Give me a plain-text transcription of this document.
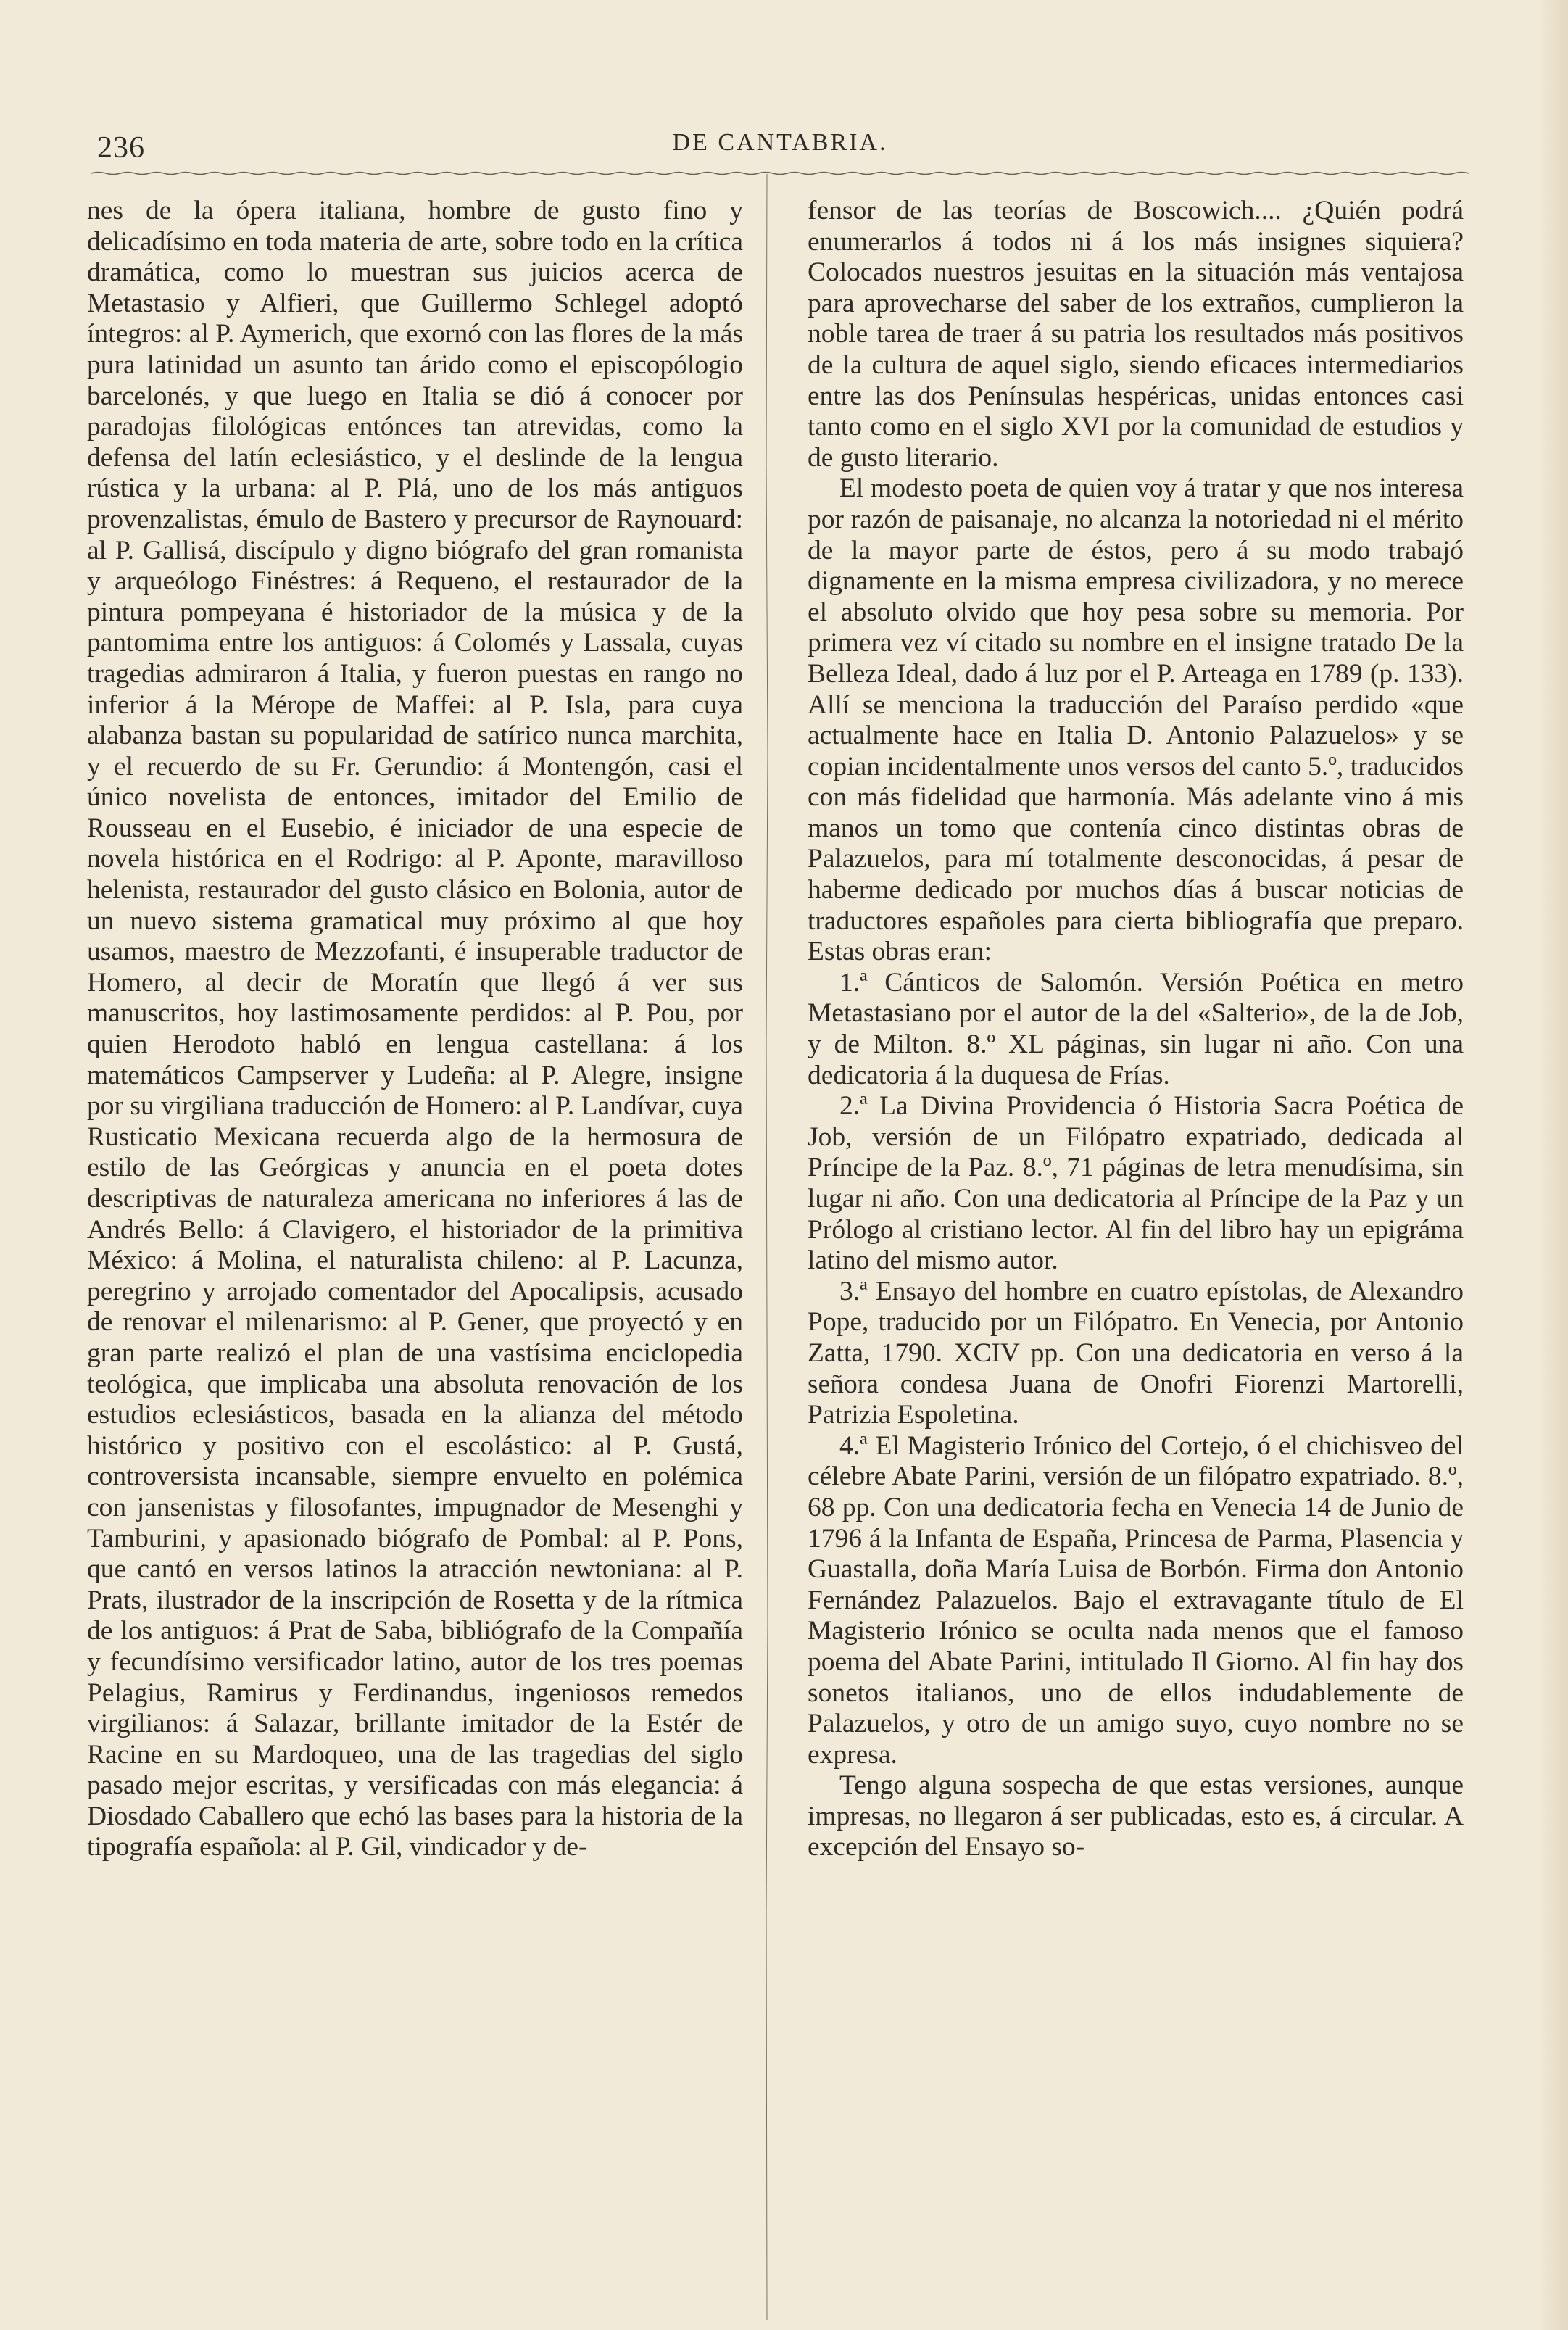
236	DE CANTABRIA.

nes de la ópera italiana, hombre de gusto fino y delicadísimo en toda materia de arte, sobre todo en la crítica dramática, como lo muestran sus juicios acerca de Metastasio y Alfieri, que Guillermo Schlegel adoptó íntegros: al P. Aymerich, que exornó con las flores de la más pura latinidad un asunto tan árido como el episcopólogio barcelonés, y que luego en Italia se dió á conocer por paradojas filológicas entónces tan atrevidas, como la defensa del latín eclesiástico, y el deslinde de la lengua rústica y la urbana: al P. Plá, uno de los más antiguos provenzalistas, émulo de Bastero y precursor de Raynouard: al P. Gallisá, discípulo y digno biógrafo del gran romanista y arqueólogo Finéstres: á Requeno, el restaurador de la pintura pompeyana é historiador de la música y de la pantomima entre los antiguos: á Colomés y Lassala, cuyas tragedias admiraron á Italia, y fueron puestas en rango no inferior á la Mérope de Maffei: al P. Isla, para cuya alabanza bastan su popularidad de satírico nunca marchita, y el recuerdo de su Fr. Gerundio: á Montengón, casi el único novelista de entonces, imitador del Emilio de Rousseau en el Eusebio, é iniciador de una especie de novela histórica en el Rodrigo: al P. Aponte, maravilloso helenista, restaurador del gusto clásico en Bolonia, autor de un nuevo sistema gramatical muy próximo al que hoy usamos, maestro de Mezzofanti, é insuperable traductor de Homero, al decir de Moratín que llegó á ver sus manuscritos, hoy lastimosamente perdidos: al P. Pou, por quien Herodoto habló en lengua castellana: á los matemáticos Campserver y Ludeña: al P. Alegre, insigne por su virgiliana traducción de Homero: al P. Landívar, cuya Rusticatio Mexicana recuerda algo de la hermosura de estilo de las Geórgicas y anuncia en el poeta dotes descriptivas de naturaleza americana no inferiores á las de Andrés Bello: á Clavigero, el historiador de la primitiva México: á Molina, el naturalista chileno: al P. Lacunza, peregrino y arrojado comentador del Apocalipsis, acusado de renovar el milenarismo: al P. Gener, que proyectó y en gran parte realizó el plan de una vastísima enciclopedia teológica, que implicaba una absoluta renovación de los estudios eclesiásticos, basada en la alianza del método histórico y positivo con el escolástico: al P. Gustá, controversista incansable, siempre envuelto en polémica con jansenistas y filosofantes, impugnador de Mesenghi y Tamburini, y apasionado biógrafo de Pombal: al P. Pons, que cantó en versos latinos la atracción newtoniana: al P. Prats, ilustrador de la inscripción de Rosetta y de la rítmica de los antiguos: á Prat de Saba, bibliógrafo de la Compañía y fecundísimo versificador latino, autor de los tres poemas Pelagius, Ramirus y Ferdinandus, ingeniosos remedos virgilianos: á Salazar, brillante imitador de la Estér de Racine en su Mardoqueo, una de las tragedias del siglo pasado mejor escritas, y versificadas con más elegancia: á Diosdado Caballero que echó las bases para la historia de la tipografía española: al P. Gil, vindicador y de-

fensor de las teorías de Boscowich.... ¿Quién podrá enumerarlos á todos ni á los más insignes siquiera? Colocados nuestros jesuitas en la situación más ventajosa para aprovecharse del saber de los extraños, cumplieron la noble tarea de traer á su patria los resultados más positivos de la cultura de aquel siglo, siendo eficaces intermediarios entre las dos Penínsulas hespéricas, unidas entonces casi tanto como en el siglo XVI por la comunidad de estudios y de gusto literario.

El modesto poeta de quien voy á tratar y que nos interesa por razón de paisanaje, no alcanza la notoriedad ni el mérito de la mayor parte de éstos, pero á su modo trabajó dignamente en la misma empresa civilizadora, y no merece el absoluto olvido que hoy pesa sobre su memoria. Por primera vez ví citado su nombre en el insigne tratado De la Belleza Ideal, dado á luz por el P. Arteaga en 1789 (p. 133). Allí se menciona la traducción del Paraíso perdido «que actualmente hace en Italia D. Antonio Palazuelos» y se copian incidentalmente unos versos del canto 5.º, traducidos con más fidelidad que harmonía. Más adelante vino á mis manos un tomo que contenía cinco distintas obras de Palazuelos, para mí totalmente desconocidas, á pesar de haberme dedicado por muchos días á buscar noticias de traductores españoles para cierta bibliografía que preparo. Estas obras eran:

1.ª Cánticos de Salomón. Versión Poética en metro Metastasiano por el autor de la del «Salterio», de la de Job, y de Milton. 8.º XL páginas, sin lugar ni año. Con una dedicatoria á la duquesa de Frías.

2.ª La Divina Providencia ó Historia Sacra Poética de Job, versión de un Filópatro expatriado, dedicada al Príncipe de la Paz. 8.º, 71 páginas de letra menudísima, sin lugar ni año. Con una dedicatoria al Príncipe de la Paz y un Prólogo al cristiano lector. Al fin del libro hay un epigráma latino del mismo autor.

3.ª Ensayo del hombre en cuatro epístolas, de Alexandro Pope, traducido por un Filópatro. En Venecia, por Antonio Zatta, 1790. XCIV pp. Con una dedicatoria en verso á la señora condesa Juana de Onofri Fiorenzi Martorelli, Patrizia Espoletina.

4.ª El Magisterio Irónico del Cortejo, ó el chichisveo del célebre Abate Parini, versión de un filópatro expatriado. 8.º, 68 pp. Con una dedicatoria fecha en Venecia 14 de Junio de 1796 á la Infanta de España, Princesa de Parma, Plasencia y Guastalla, doña María Luisa de Borbón. Firma don Antonio Fernández Palazuelos. Bajo el extravagante título de El Magisterio Irónico se oculta nada menos que el famoso poema del Abate Parini, intitulado Il Giorno. Al fin hay dos sonetos italianos, uno de ellos indudablemente de Palazuelos, y otro de un amigo suyo, cuyo nombre no se expresa.

Tengo alguna sospecha de que estas versiones, aunque impresas, no llegaron á ser publicadas, esto es, á circular. A excepción del Ensayo so-
